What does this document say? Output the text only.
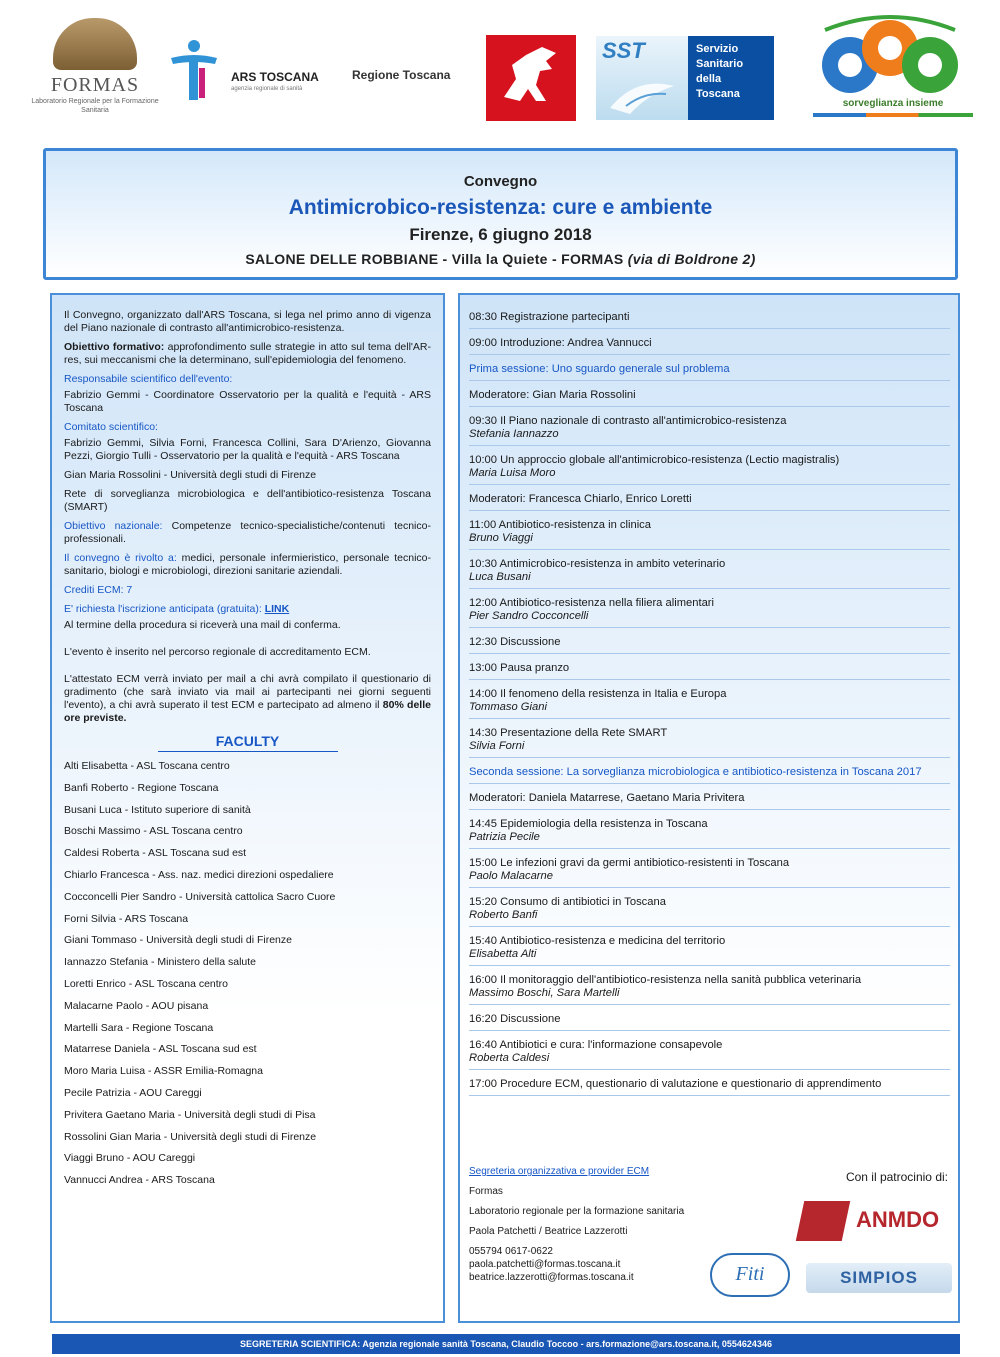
FORMAS
Laboratorio Regionale per la Formazione Sanitaria
ARS TOSCANA
agenzia regionale di sanità
Regione Toscana
SST	Servizio Sanitario della Toscana
sorveglianza insieme
Convegno
Antimicrobico-resistenza: cure e ambiente
Firenze, 6 giugno 2018
SALONE DELLE ROBBIANE - Villa la Quiete - FORMAS (via di Boldrone 2)
Il Convegno, organizzato dall'ARS Toscana, si lega nel primo anno di vigenza del Piano nazionale di contrasto all'antimicrobico-resistenza.
Obiettivo formativo: approfondimento sulle strategie in atto sul tema dell'AR-res, sui meccanismi che la determinano, sull'epidemiologia del fenomeno.
Responsabile scientifico dell'evento:
Fabrizio Gemmi - Coordinatore Osservatorio per la qualità e l'equità - ARS Toscana
Comitato scientifico:
Fabrizio Gemmi, Silvia Forni, Francesca Collini, Sara D'Arienzo, Giovanna Pezzi, Giorgio Tulli - Osservatorio per la qualità e l'equità - ARS Toscana
Gian Maria Rossolini - Università degli studi di Firenze
Rete di sorveglianza microbiologica e dell'antibiotico-resistenza Toscana (SMART)
Obiettivo nazionale: Competenze tecnico-specialistiche/contenuti tecnico-professionali.
Il convegno è rivolto a: medici, personale infermieristico, personale tecnico-sanitario, biologi e microbiologi, direzioni sanitarie aziendali.
Crediti ECM: 7
E' richiesta l'iscrizione anticipata (gratuita): LINK
Al termine della procedura si riceverà una mail di conferma.
L'evento è inserito nel percorso regionale di accreditamento ECM.
L'attestato ECM verrà inviato per mail a chi avrà compilato il questionario di gradimento (che sarà inviato via mail ai partecipanti nei giorni seguenti l'evento), a chi avrà superato il test ECM e partecipato ad almeno il 80% delle ore previste.
FACULTY
Alti Elisabetta - ASL Toscana centro
Banfi Roberto - Regione Toscana
Busani Luca - Istituto superiore di sanità
Boschi Massimo - ASL Toscana centro
Caldesi Roberta - ASL Toscana sud est
Chiarlo Francesca - Ass. naz. medici direzioni ospedaliere
Cocconcelli Pier Sandro - Università cattolica Sacro Cuore
Forni Silvia - ARS Toscana
Giani Tommaso - Università degli studi di Firenze
Iannazzo Stefania - Ministero della salute
Loretti Enrico - ASL Toscana centro
Malacarne Paolo - AOU pisana
Martelli Sara - Regione Toscana
Matarrese Daniela - ASL Toscana sud est
Moro Maria Luisa - ASSR Emilia-Romagna
Pecile Patrizia - AOU Careggi
Privitera Gaetano Maria - Università degli studi di Pisa
Rossolini Gian Maria - Università degli studi di Firenze
Viaggi Bruno - AOU Careggi
Vannucci Andrea - ARS Toscana
08:30 Registrazione partecipanti
09:00 Introduzione: Andrea Vannucci
Prima sessione: Uno sguardo generale sul problema
Moderatore: Gian Maria Rossolini
09:30 Il Piano nazionale di contrasto all'antimicrobico-resistenza
Stefania Iannazzo
10:00 Un approccio globale all'antimicrobico-resistenza (Lectio magistralis)
Maria Luisa Moro
Moderatori: Francesca Chiarlo, Enrico Loretti
11:00 Antibiotico-resistenza in clinica
Bruno Viaggi
10:30 Antimicrobico-resistenza in ambito veterinario
Luca Busani
12:00 Antibiotico-resistenza nella filiera alimentari
Pier Sandro Cocconcelli
12:30 Discussione
13:00 Pausa pranzo
14:00 Il fenomeno della resistenza in Italia e Europa
Tommaso Giani
14:30 Presentazione della Rete SMART
Silvia Forni
Seconda sessione: La sorveglianza microbiologica e antibiotico-resistenza in Toscana 2017
Moderatori: Daniela Matarrese, Gaetano Maria Privitera
14:45 Epidemiologia della resistenza in Toscana
Patrizia Pecile
15:00 Le infezioni gravi da germi antibiotico-resistenti in Toscana
Paolo Malacarne
15:20 Consumo di antibiotici in Toscana
Roberto Banfi
15:40 Antibiotico-resistenza e medicina del territorio
Elisabetta Alti
16:00 Il monitoraggio dell'antibiotico-resistenza nella sanità pubblica veterinaria
Massimo Boschi, Sara Martelli
16:20 Discussione
16:40 Antibiotici e cura: l'informazione consapevole
Roberta Caldesi
17:00 Procedure ECM, questionario di valutazione e questionario di apprendimento
Segreteria organizzativa e provider ECM
Formas
Laboratorio regionale per la formazione sanitaria
Paola Patchetti / Beatrice Lazzerotti
055794 0617-0622
paola.patchetti@formas.toscana.it
beatrice.lazzerotti@formas.toscana.it
Con il patrocinio di:
ANMDO
Fiti	SIMPIOS
SEGRETERIA SCIENTIFICA: Agenzia regionale sanità Toscana, Claudio Toccoo - ars.formazione@ars.toscana.it, 0554624346
